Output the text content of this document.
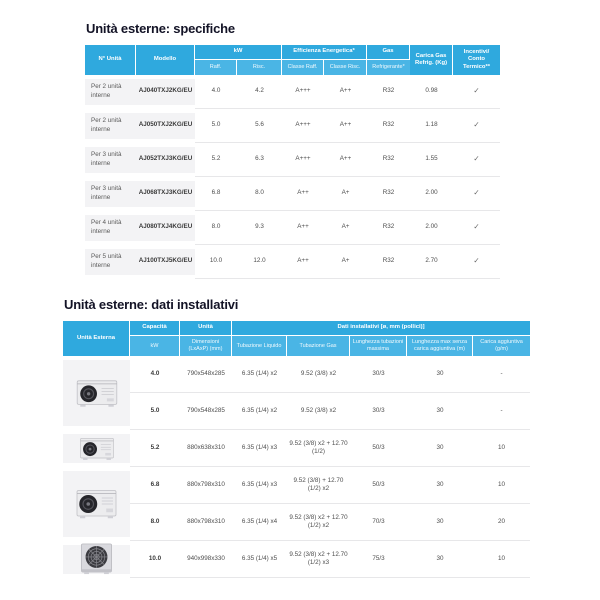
Unità esterne: specifiche
N° Unità	Modello	kW		Efficienza Energetica*		Gas	Carica Gas Refrig. (Kg)	Incentivi/ Conto Termico**
		Raff.	Risc.	Classe Raff.	Classe Risc.	Refrigerante*		
Per 2 unità interne	AJ040TXJ2KG/EU	4.0	4.2	A+++	A++	R32	0.98	✓
Per 2 unità interne	AJ050TXJ2KG/EU	5.0	5.6	A+++	A++	R32	1.18	✓
Per 3 unità interne	AJ052TXJ3KG/EU	5.2	6.3	A+++	A++	R32	1.55	✓
Per 3 unità interne	AJ068TXJ3KG/EU	6.8	8.0	A++	A+	R32	2.00	✓
Per 4 unità interne	AJ080TXJ4KG/EU	8.0	9.3	A++	A+	R32	2.00	✓
Per 5 unità interne	AJ100TXJ5KG/EU	10.0	12.0	A++	A+	R32	2.70	✓
Unità esterne: dati installativi
Unità Esterna	Capacità	Unità	Dati installativi [ø, mm (pollici)]				
	kW	Dimensioni (LxAxP) (mm)	Tubazione Liquido	Tubazione Gas	Lunghezza tubazioni massima	Lunghezza max senza carica aggiuntiva (m)	Carica aggiuntiva (g/m)

	4.0	790x548x285	6.35 (1/4) x2	9.52 (3/8) x2	30/3	30	-
	5.0	790x548x285	6.35 (1/4) x2	9.52 (3/8) x2	30/3	30	-

	5.2	880x638x310	6.35 (1/4) x3	9.52 (3/8) x2 + 12.70 (1/2)	50/3	30	10

	6.8	880x798x310	6.35 (1/4) x3	9.52 (3/8) + 12.70 (1/2) x2	50/3	30	10
	8.0	880x798x310	6.35 (1/4) x4	9.52 (3/8) x2 + 12.70 (1/2) x2	70/3	30	20

	10.0	940x998x330	6.35 (1/4) x5	9.52 (3/8) x2 + 12.70 (1/2) x3	75/3	30	10
